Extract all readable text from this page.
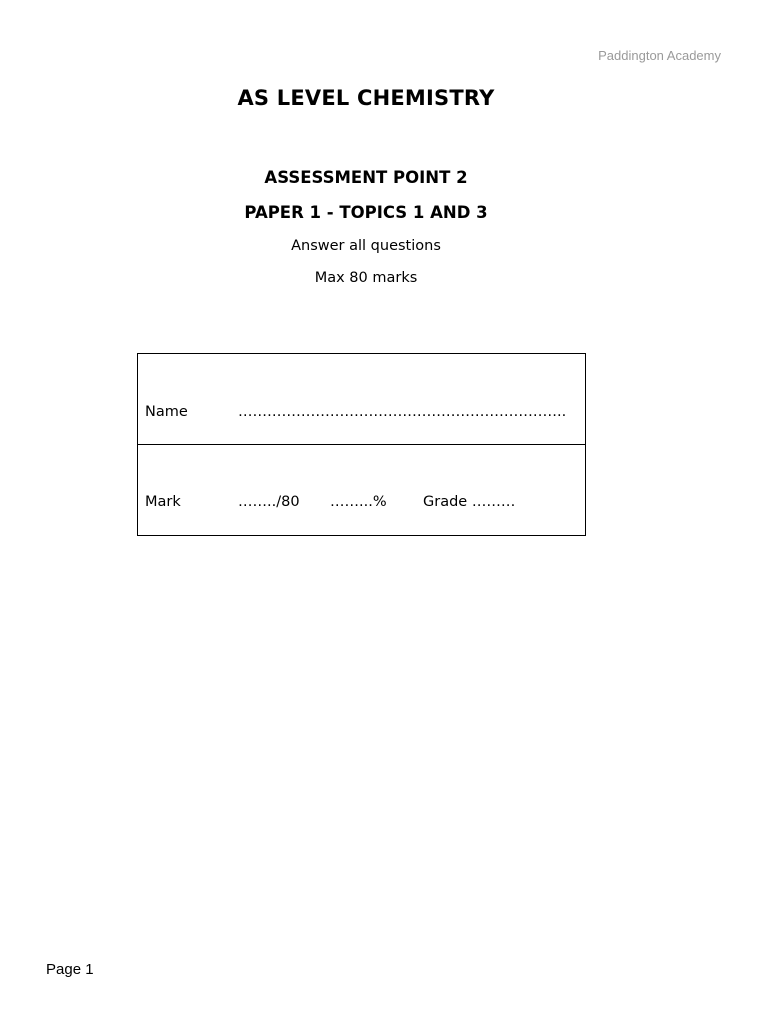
Paddington Academy
AS LEVEL CHEMISTRY
ASSESSMENT POINT 2
PAPER 1 - TOPICS 1 AND 3
Answer all questions
Max 80 marks
Name	…………………………………………………………..
Mark	……../80 ……...%	Grade ………
Page 1
